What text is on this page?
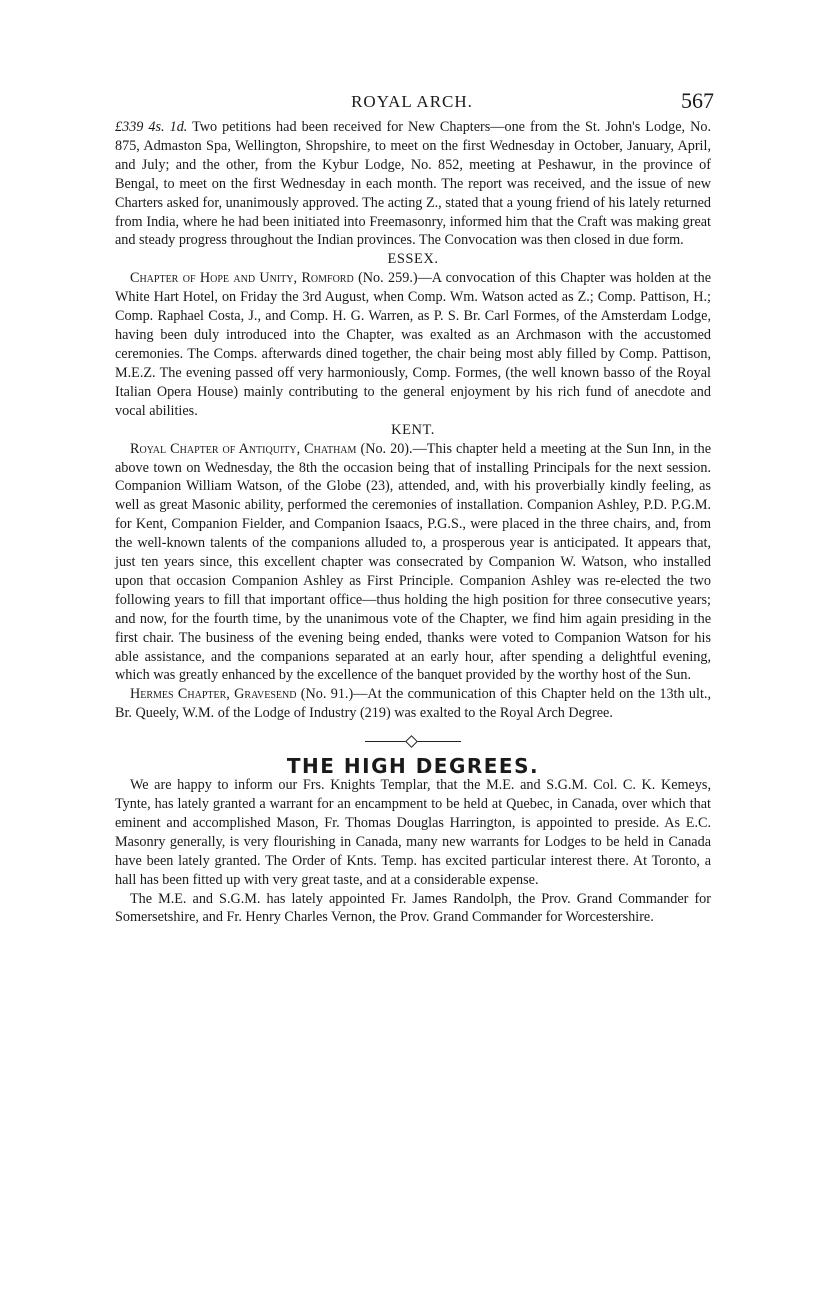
ROYAL ARCH.	567

£339 4s. 1d. Two petitions had been received for New Chapters—one from the St. John's Lodge, No. 875, Admaston Spa, Wellington, Shropshire, to meet on the first Wednesday in October, January, April, and July; and the other, from the Kybur Lodge, No. 852, meeting at Peshawur, in the province of Bengal, to meet on the first Wednesday in each month. The report was received, and the issue of new Charters asked for, unanimously approved. The acting Z., stated that a young friend of his lately returned from India, where he had been initiated into Freemasonry, informed him that the Craft was making great and steady progress throughout the Indian provinces. The Convocation was then closed in due form.

ESSEX.

Chapter of Hope and Unity, Romford (No. 259.)—A convocation of this Chapter was holden at the White Hart Hotel, on Friday the 3rd August, when Comp. Wm. Watson acted as Z.; Comp. Pattison, H.; Comp. Raphael Costa, J., and Comp. H. G. Warren, as P. S. Br. Carl Formes, of the Amsterdam Lodge, having been duly introduced into the Chapter, was exalted as an Archmason with the accustomed ceremonies. The Comps. afterwards dined together, the chair being most ably filled by Comp. Pattison, M.E.Z. The evening passed off very harmoniously, Comp. Formes, (the well known basso of the Royal Italian Opera House) mainly contributing to the general enjoyment by his rich fund of anecdote and vocal abilities.

KENT.

Royal Chapter of Antiquity, Chatham (No. 20).—This chapter held a meeting at the Sun Inn, in the above town on Wednesday, the 8th the occasion being that of installing Principals for the next session. Companion William Watson, of the Globe (23), attended, and, with his proverbially kindly feeling, as well as great Masonic ability, performed the ceremonies of installation. Companion Ashley, P.D. P.G.M. for Kent, Companion Fielder, and Companion Isaacs, P.G.S., were placed in the three chairs, and, from the well-known talents of the companions alluded to, a prosperous year is anticipated. It appears that, just ten years since, this excellent chapter was consecrated by Companion W. Watson, who installed upon that occasion Companion Ashley as First Principle. Companion Ashley was re-elected the two following years to fill that important office—thus holding the high position for three consecutive years; and now, for the fourth time, by the unanimous vote of the Chapter, we find him again presiding in the first chair. The business of the evening being ended, thanks were voted to Companion Watson for his able assistance, and the companions separated at an early hour, after spending a delightful evening, which was greatly enhanced by the excellence of the banquet provided by the worthy host of the Sun.

Hermes Chapter, Gravesend (No. 91.)—At the communication of this Chapter held on the 13th ult., Br. Queely, W.M. of the Lodge of Industry (219) was exalted to the Royal Arch Degree.

THE HIGH DEGREES.

We are happy to inform our Frs. Knights Templar, that the M.E. and S.G.M. Col. C. K. Kemeys, Tynte, has lately granted a warrant for an encampment to be held at Quebec, in Canada, over which that eminent and accomplished Mason, Fr. Thomas Douglas Harrington, is appointed to preside. As E.C. Masonry generally, is very flourishing in Canada, many new warrants for Lodges to be held in Canada have been lately granted. The Order of Knts. Temp. has excited particular interest there. At Toronto, a hall has been fitted up with very great taste, and at a considerable expense.

The M.E. and S.G.M. has lately appointed Fr. James Randolph, the Prov. Grand Commander for Somersetshire, and Fr. Henry Charles Vernon, the Prov. Grand Commander for Worcestershire.
